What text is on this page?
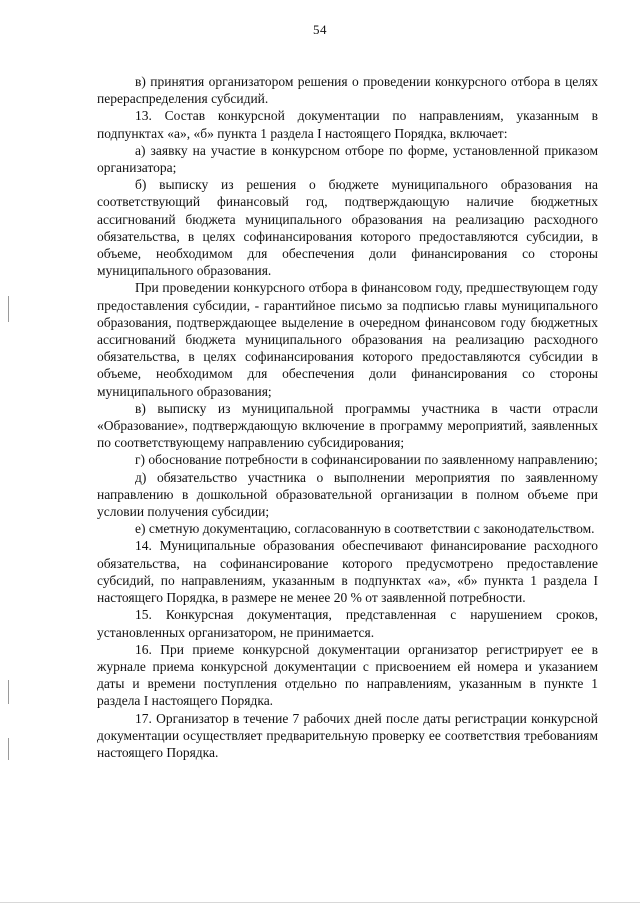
54

в) принятия организатором решения о проведении конкурсного отбора в целях перераспределения субсидий.

13. Состав конкурсной документации по направлениям, указанным в подпунктах «а», «б» пункта 1 раздела I настоящего Порядка, включает:

а) заявку на участие в конкурсном отборе по форме, установленной приказом организатора;

б) выписку из решения о бюджете муниципального образования на соответствующий финансовый год, подтверждающую наличие бюджетных ассигнований бюджета муниципального образования на реализацию расходного обязательства, в целях софинансирования которого предоставляются субсидии, в объеме, необходимом для обеспечения доли финансирования со стороны муниципального образования.

При проведении конкурсного отбора в финансовом году, предшествующем году предоставления субсидии, - гарантийное письмо за подписью главы муниципального образования, подтверждающее выделение в очередном финансовом году бюджетных ассигнований бюджета муниципального образования на реализацию расходного обязательства, в целях софинансирования которого предоставляются субсидии в объеме, необходимом для обеспечения доли финансирования со стороны муниципального образования;

в) выписку из муниципальной программы участника в части отрасли «Образование», подтверждающую включение в программу мероприятий, заявленных по соответствующему направлению субсидирования;

г) обоснование потребности в софинансировании по заявленному направлению;

д) обязательство участника о выполнении мероприятия по заявленному направлению в дошкольной образовательной организации в полном объеме при условии получения субсидии;

е) сметную документацию, согласованную в соответствии с законодательством.

14. Муниципальные образования обеспечивают финансирование расходного обязательства, на софинансирование которого предусмотрено предоставление субсидий, по направлениям, указанным в подпунктах «а», «б» пункта 1 раздела I настоящего Порядка, в размере не менее 20 % от заявленной потребности.

15. Конкурсная документация, представленная с нарушением сроков, установленных организатором, не принимается.

16. При приеме конкурсной документации организатор регистрирует ее в журнале приема конкурсной документации с присвоением ей номера и указанием даты и времени поступления отдельно по направлениям, указанным в пункте 1 раздела I настоящего Порядка.

17. Организатор в течение 7 рабочих дней после даты регистрации конкурсной документации осуществляет предварительную проверку ее соответствия требованиям настоящего Порядка.
